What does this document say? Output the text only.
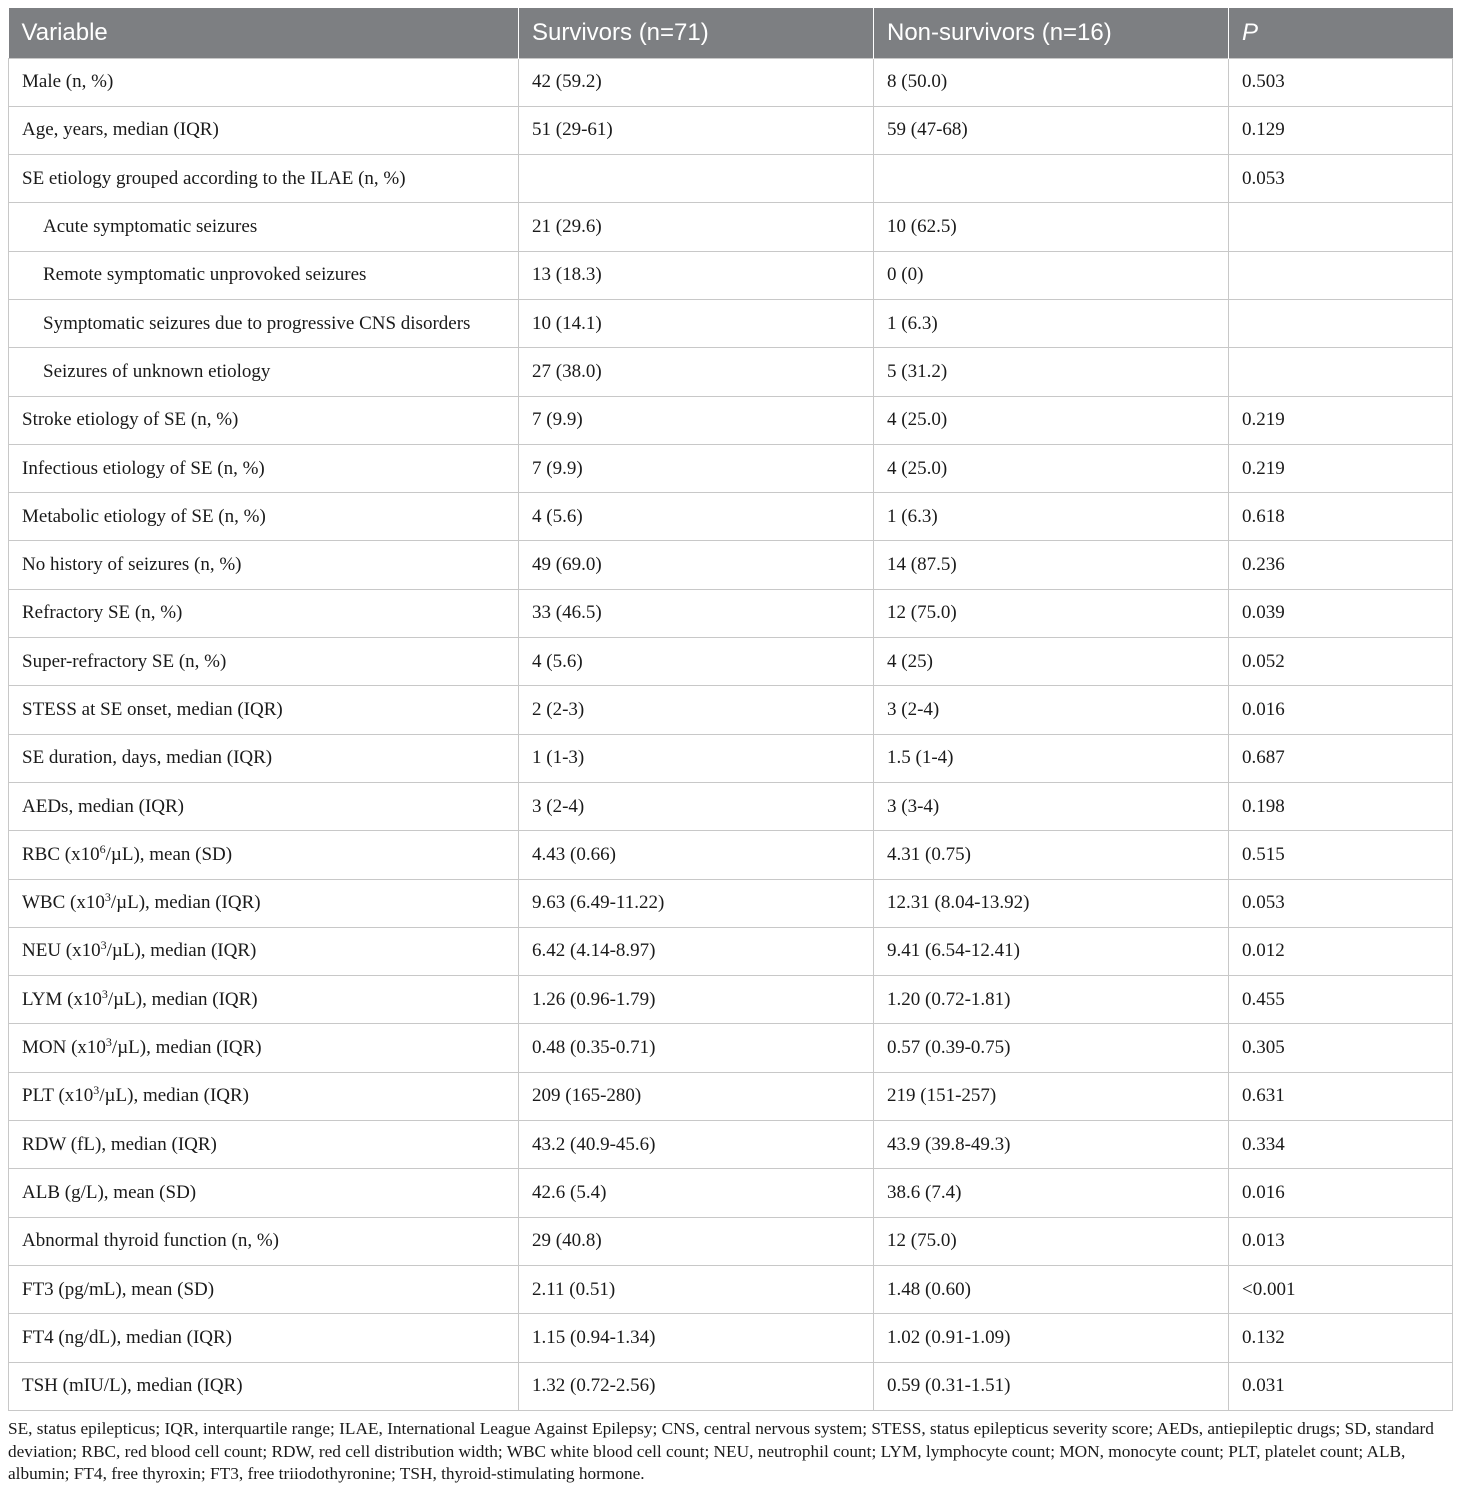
Variable	Survivors (n=71)	Non-survivors (n=16)	P
Male (n, %)	42 (59.2)	8 (50.0)	0.503
Age, years, median (IQR)	51 (29-61)	59 (47-68)	0.129
SE etiology grouped according to the ILAE (n, %)			0.053
Acute symptomatic seizures	21 (29.6)	10 (62.5)	
Remote symptomatic unprovoked seizures	13 (18.3)	0 (0)	
Symptomatic seizures due to progressive CNS disorders	10 (14.1)	1 (6.3)	
Seizures of unknown etiology	27 (38.0)	5 (31.2)	
Stroke etiology of SE (n, %)	7 (9.9)	4 (25.0)	0.219
Infectious etiology of SE (n, %)	7 (9.9)	4 (25.0)	0.219
Metabolic etiology of SE (n, %)	4 (5.6)	1 (6.3)	0.618
No history of seizures (n, %)	49 (69.0)	14 (87.5)	0.236
Refractory SE (n, %)	33 (46.5)	12 (75.0)	0.039
Super-refractory SE (n, %)	4 (5.6)	4 (25)	0.052
STESS at SE onset, median (IQR)	2 (2-3)	3 (2-4)	0.016
SE duration, days, median (IQR)	1 (1-3)	1.5 (1-4)	0.687
AEDs, median (IQR)	3 (2-4)	3 (3-4)	0.198
RBC $(x10^6/\mu L)$, mean (SD)	4.43 (0.66)	4.31 (0.75)	0.515
WBC $(x10^3/\mu L)$, median (IQR)	9.63 (6.49-11.22)	12.31 (8.04-13.92)	0.053
NEU $(x10^3/\mu L)$, median (IQR)	6.42 (4.14-8.97)	9.41 (6.54-12.41)	0.012
LYM $(x10^3/\mu L)$, median (IQR)	1.26 (0.96-1.79)	1.20 (0.72-1.81)	0.455
MON $(x10^3/\mu L)$, median (IQR)	0.48 (0.35-0.71)	0.57 (0.39-0.75)	0.305
PLT $(x10^3/\mu L)$, median (IQR)	209 (165-280)	219 (151-257)	0.631
RDW (fL), median (IQR)	43.2 (40.9-45.6)	43.9 (39.8-49.3)	0.334
ALB (g/L), mean (SD)	42.6 (5.4)	38.6 (7.4)	0.016
Abnormal thyroid function (n, %)	29 (40.8)	12 (75.0)	0.013
FT3 (pg/mL), mean (SD)	2.11 (0.51)	1.48 (0.60)	<0.001
FT4 (ng/dL), median (IQR)	1.15 (0.94-1.34)	1.02 (0.91-1.09)	0.132
TSH (mIU/L), median (IQR)	1.32 (0.72-2.56)	0.59 (0.31-1.51)	0.031
SE, status epilepticus; IQR, interquartile range; ILAE, International League Against Epilepsy; CNS, central nervous system; STESS, status epilepticus severity score; AEDs, antiepileptic drugs; SD, standard deviation; RBC, red blood cell count; RDW, red cell distribution width; WBC white blood cell count; NEU, neutrophil count; LYM, lymphocyte count; MON, monocyte count; PLT, platelet count; ALB, albumin; FT4, free thyroxin; FT3, free triiodothyronine; TSH, thyroid-stimulating hormone.
